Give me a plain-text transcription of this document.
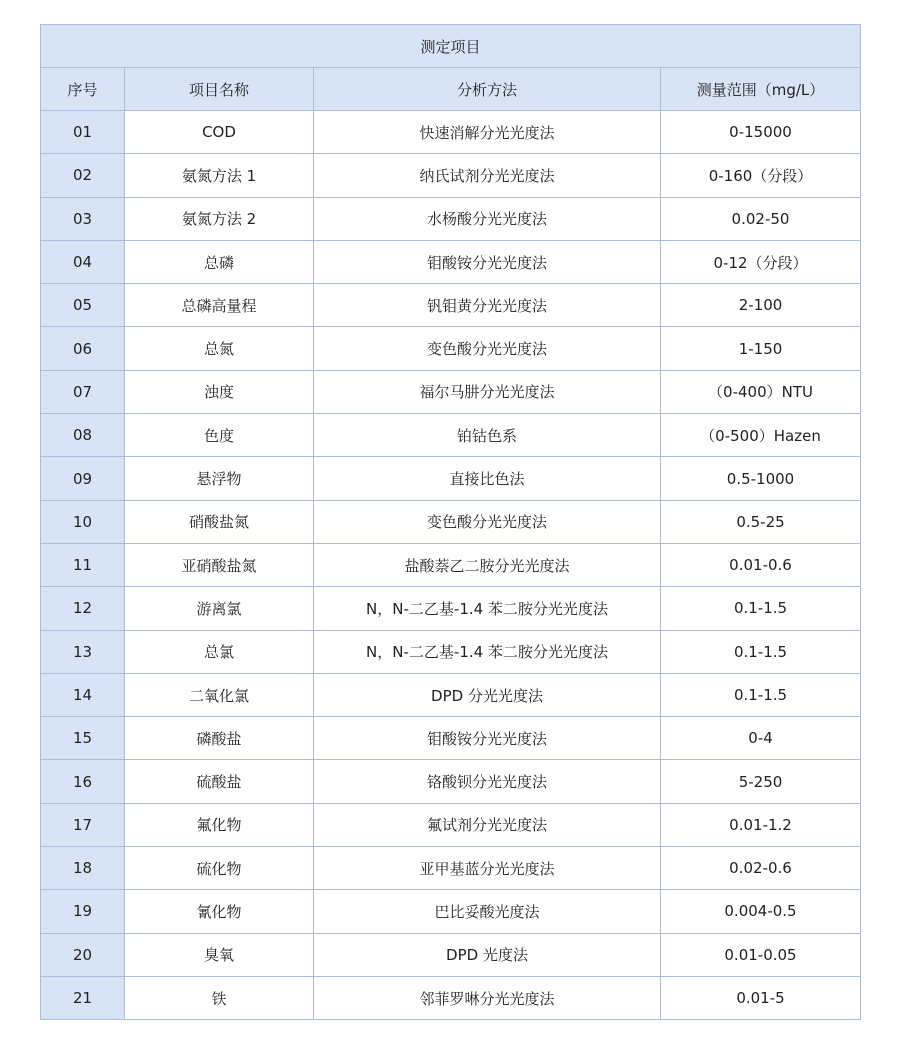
测定项目			
序号	项目名称	分析方法	测量范围（mg/L）
01	COD	快速消解分光光度法	0-15000
02	氨氮方法 1	纳氏试剂分光光度法	0-160（分段）
03	氨氮方法 2	水杨酸分光光度法	0.02-50
04	总磷	钼酸铵分光光度法	0-12（分段）
05	总磷高量程	钒钼黄分光光度法	2-100
06	总氮	变色酸分光光度法	1-150
07	浊度	福尔马肼分光光度法	（0-400）NTU
08	色度	铂钴色系	（0-500）Hazen
09	悬浮物	直接比色法	0.5-1000
10	硝酸盐氮	变色酸分光光度法	0.5-25
11	亚硝酸盐氮	盐酸萘乙二胺分光光度法	0.01-0.6
12	游离氯	N，N-二乙基-1.4 苯二胺分光光度法	0.1-1.5
13	总氯	N，N-二乙基-1.4 苯二胺分光光度法	0.1-1.5
14	二氧化氯	DPD 分光光度法	0.1-1.5
15	磷酸盐	钼酸铵分光光度法	0-4
16	硫酸盐	铬酸钡分光光度法	5-250
17	氟化物	氟试剂分光光度法	0.01-1.2
18	硫化物	亚甲基蓝分光光度法	0.02-0.6
19	氰化物	巴比妥酸光度法	0.004-0.5
20	臭氧	DPD 光度法	0.01-0.05
21	铁	邻菲罗啉分光光度法	0.01-5
